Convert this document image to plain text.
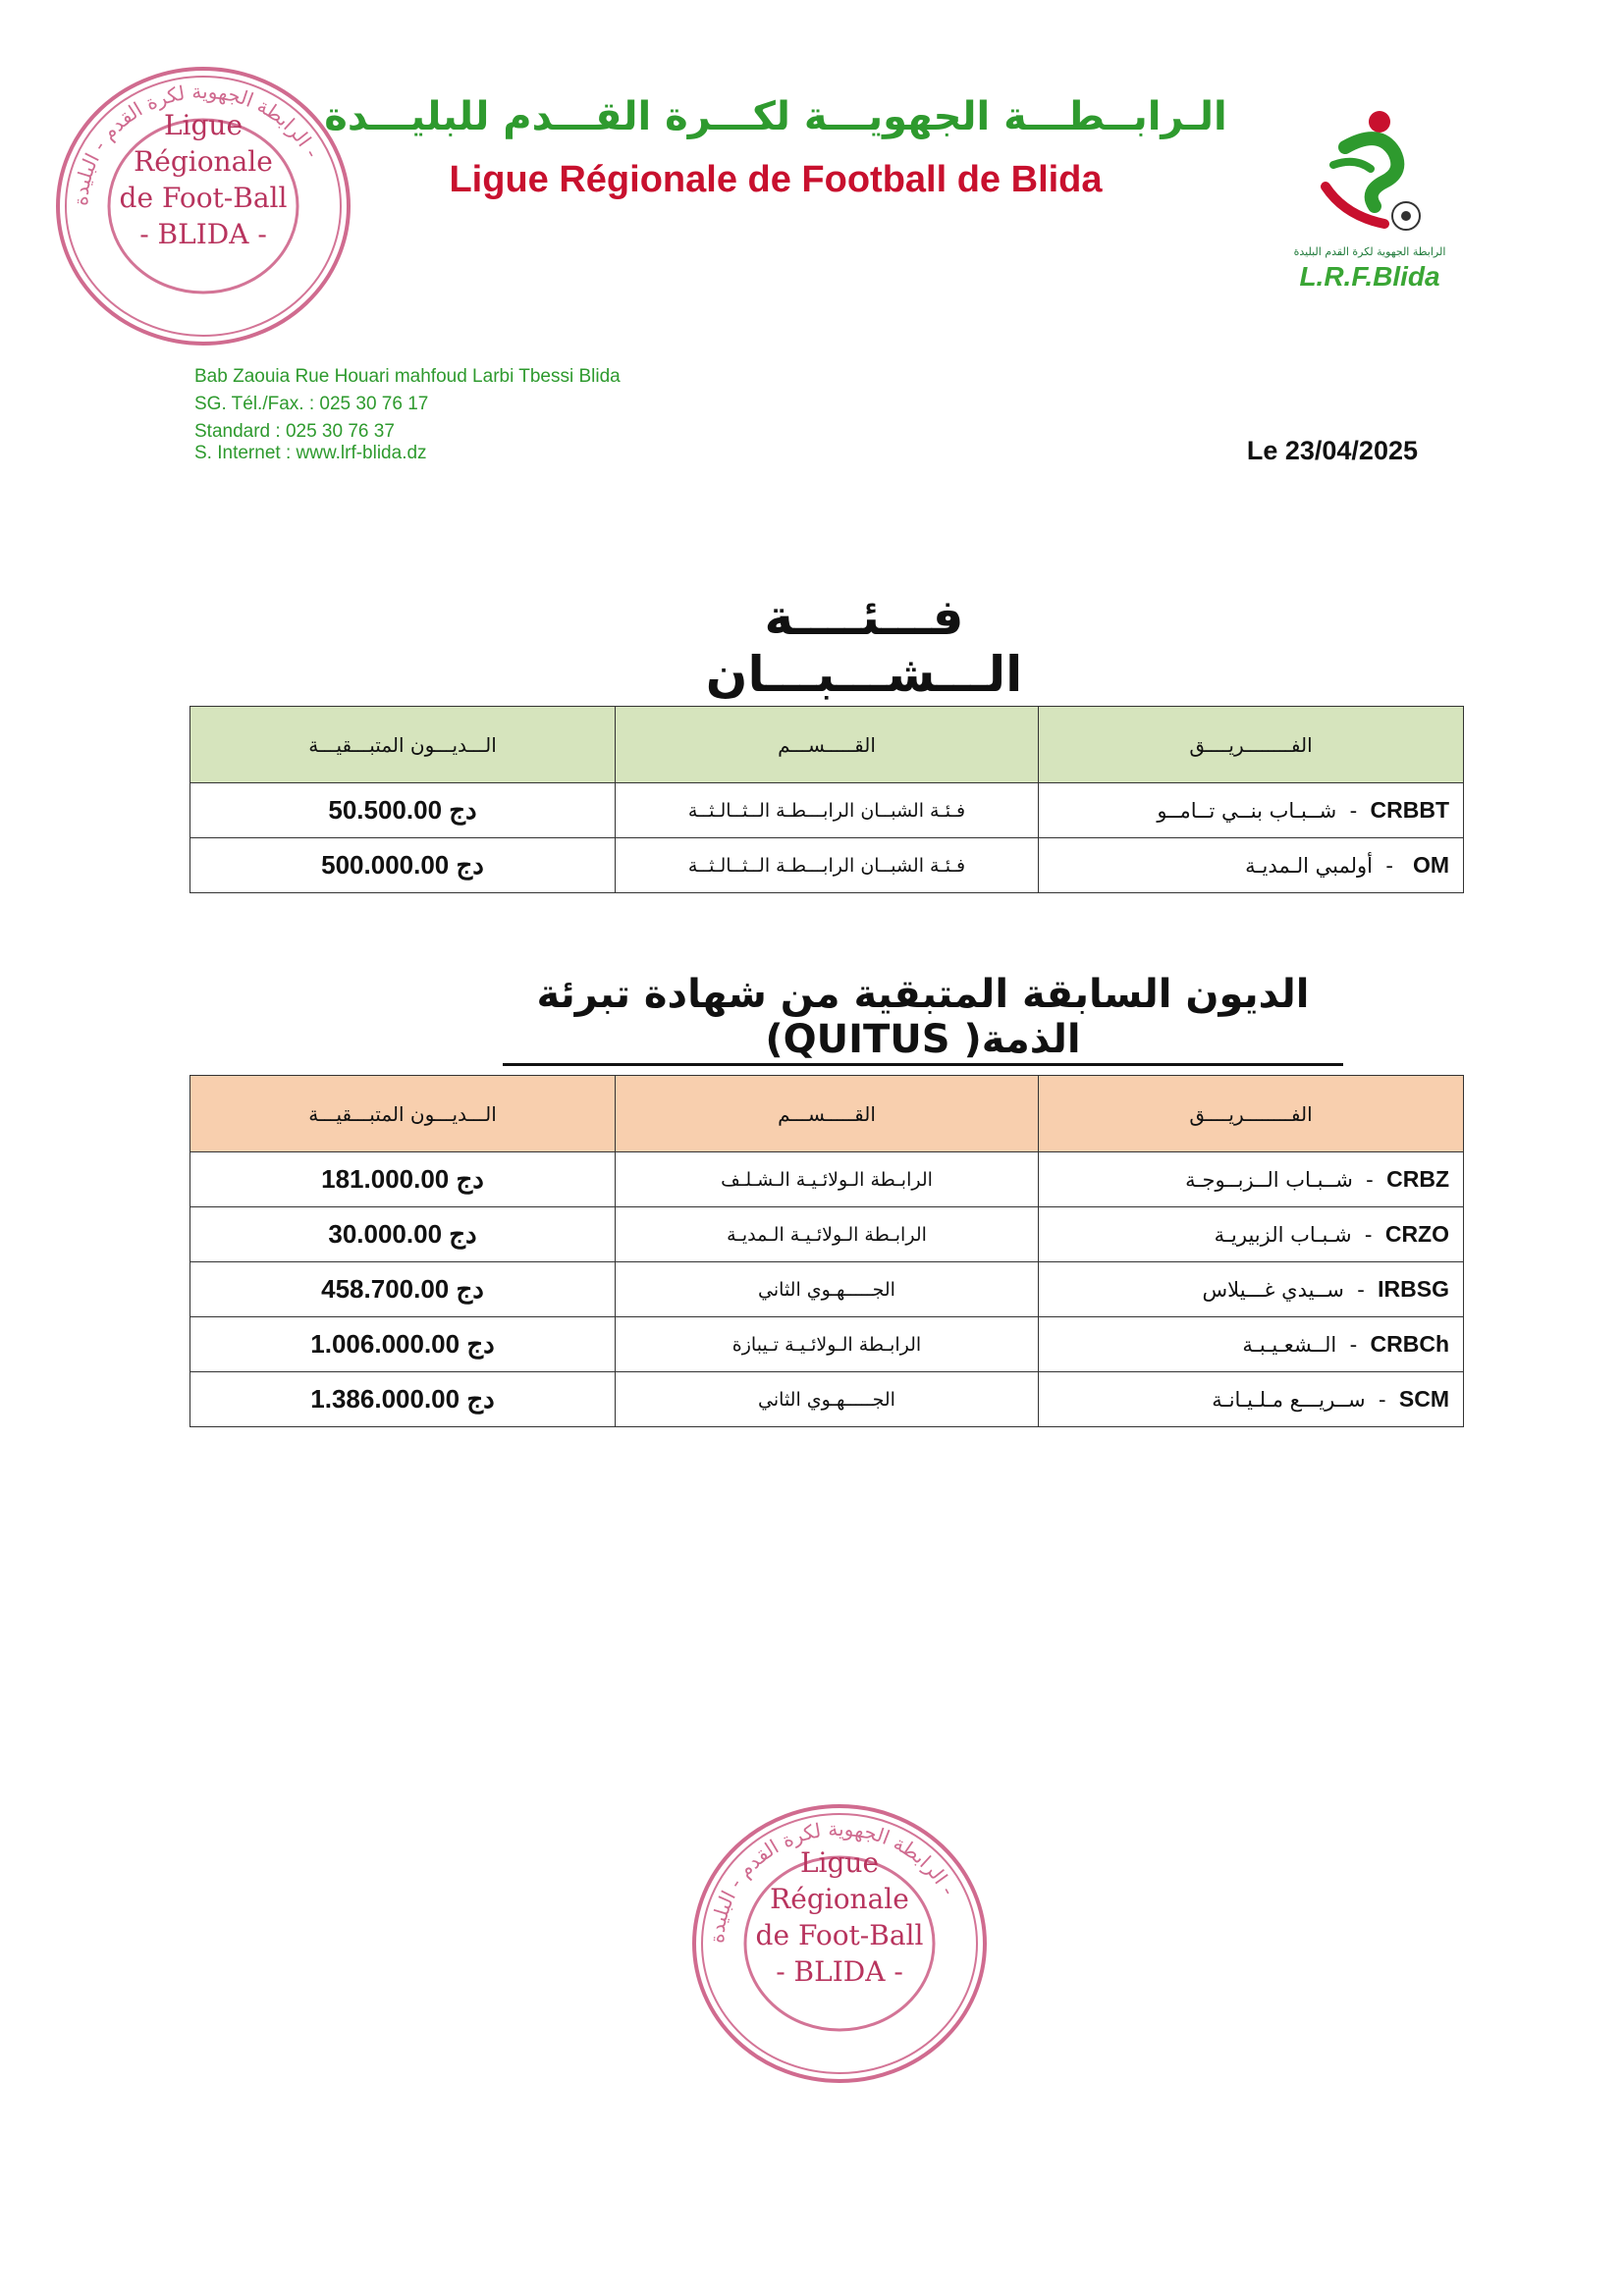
الرابطة الجهوية لكرة القدم - البليدة -
Ligue
Régionale
de Foot-Ball
- BLIDA -
الـرابــطـــة الجهويـــة لكـــرة القـــدم للبليـــدة
Ligue Régionale de Football de Blida
الرابطة الجهوية لكرة القدم البليدة
L.R.F.Blida
Bab Zaouia Rue Houari mahfoud Larbi Tbessi Blida
SG. Tél./Fax. : 025 30 76 17
Standard : 025 30 76 37
S. Internet : www.lrf-blida.dz	Le 23/04/2025
فـــئــــة الـــشـــبـــان
الـــديـــون المتبـــقيـــة	القـــــســـم	الفــــــــريــــق
50.500.00 دج	فـئـة الشبــان الرابـــطـة الــثــالـثــة	شــبـاب بنــي تــامــو  -  CRBBT
500.000.00 دج	فـئـة الشبــان الرابـــطـة الــثــالـثــة	أولمبي الـمديـة  -   OM
الديون السابقة المتبقية من شهادة تبرئة الذمة( QUITUS)
الـــديـــون المتبـــقيـــة	القـــــســـم	الفــــــــريــــق
181.000.00 دج	الرابـطة الـولائـيـة الـشـلـف	شــبـاب الــزبــوجـة  -  CRBZ
30.000.00 دج	الرابـطة الـولائـيـة الـمديـة	شـبـاب الزبيريـة  -  CRZO
458.700.00 دج	الجـــــهـوي الثاني	ســيدي غـــيلاس  -  IRBSG
1.006.000.00 دج	الرابـطة الـولائـيـة تـيبازة	الــشعـيـبـة  -  CRBCh
1.386.000.00 دج	الجـــــهـوي الثاني	ســريـــع مـلـيـانـة  -  SCM
الرابطة الجهوية لكرة القدم - البليدة -
Ligue
Régionale
de Foot-Ball
- BLIDA -
